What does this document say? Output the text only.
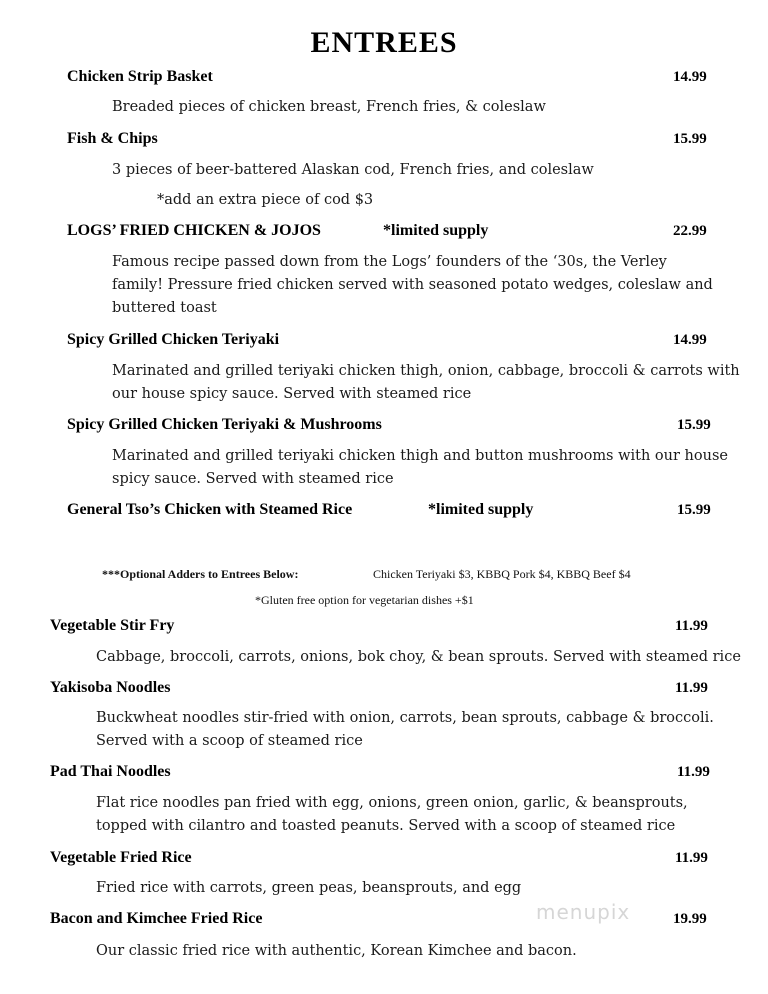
ENTREES
Chicken Strip Basket	14.99
Breaded pieces of chicken breast, French fries, & coleslaw
Fish & Chips	15.99
3 pieces of beer-battered Alaskan cod, French fries, and coleslaw
*add an extra piece of cod $3
LOGS’ FRIED CHICKEN & JOJOS	*limited supply	22.99
Famous recipe passed down from the Logs’ founders of the ‘30s, the Verley
family! Pressure fried chicken served with seasoned potato wedges, coleslaw and
buttered toast
Spicy Grilled Chicken Teriyaki	14.99
Marinated and grilled teriyaki chicken thigh, onion, cabbage, broccoli & carrots with
our house spicy sauce. Served with steamed rice
Spicy Grilled Chicken Teriyaki & Mushrooms	15.99
Marinated and grilled teriyaki chicken thigh and button mushrooms with our house
spicy sauce. Served with steamed rice
General Tso’s Chicken with Steamed Rice	*limited supply	15.99
***Optional Adders to Entrees Below:	Chicken Teriyaki $3, KBBQ Pork $4, KBBQ Beef $4
*Gluten free option for vegetarian dishes +$1
Vegetable Stir Fry	11.99
Cabbage, broccoli, carrots, onions, bok choy, & bean sprouts. Served with steamed rice
Yakisoba Noodles	11.99
Buckwheat noodles stir-fried with onion, carrots, bean sprouts, cabbage & broccoli.
Served with a scoop of steamed rice
Pad Thai Noodles	11.99
Flat rice noodles pan fried with egg, onions, green onion, garlic, & beansprouts,
topped with cilantro and toasted peanuts. Served with a scoop of steamed rice
Vegetable Fried Rice	11.99
Fried rice with carrots, green peas, beansprouts, and egg
Bacon and Kimchee Fried Rice	19.99
Our classic fried rice with authentic, Korean Kimchee and bacon.
menupix
